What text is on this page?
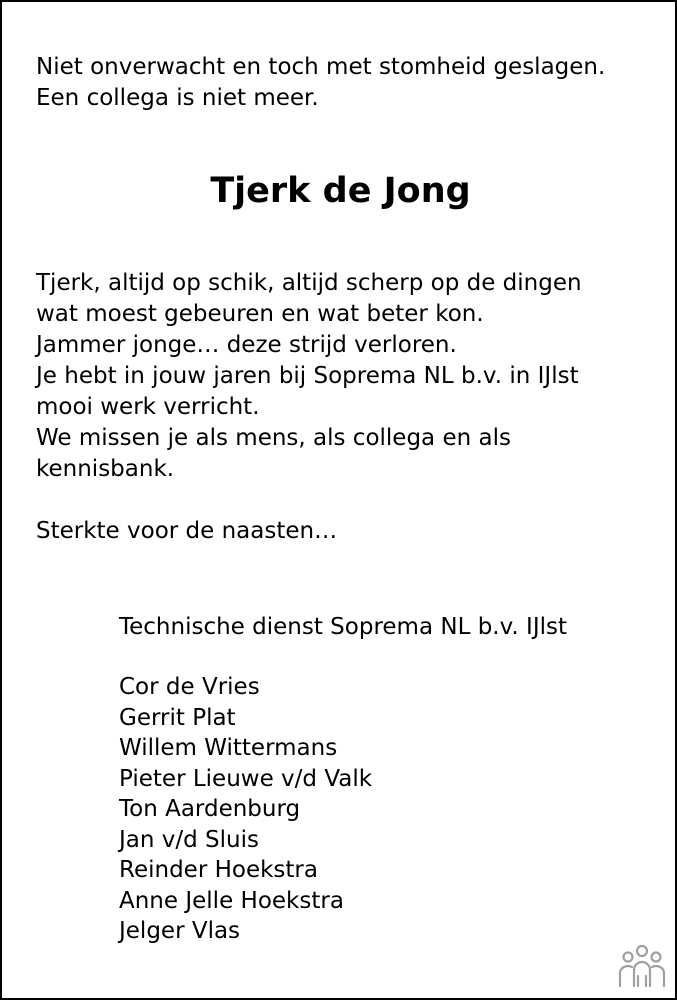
Niet onverwacht en toch met stomheid geslagen.
Een collega is niet meer.
Tjerk de Jong
Tjerk, altijd op schik, altijd scherp op de dingen
wat moest gebeuren en wat beter kon.
Jammer jonge… deze strijd verloren.
Je hebt in jouw jaren bij Soprema NL b.v. in IJlst
mooi werk verricht.
We missen je als mens, als collega en als
kennisbank.
Sterkte voor de naasten…
Technische dienst Soprema NL b.v. IJlst
Cor de Vries
Gerrit Plat
Willem Wittermans
Pieter Lieuwe v/d Valk
Ton Aardenburg
Jan v/d Sluis
Reinder Hoekstra
Anne Jelle Hoekstra
Jelger Vlas
